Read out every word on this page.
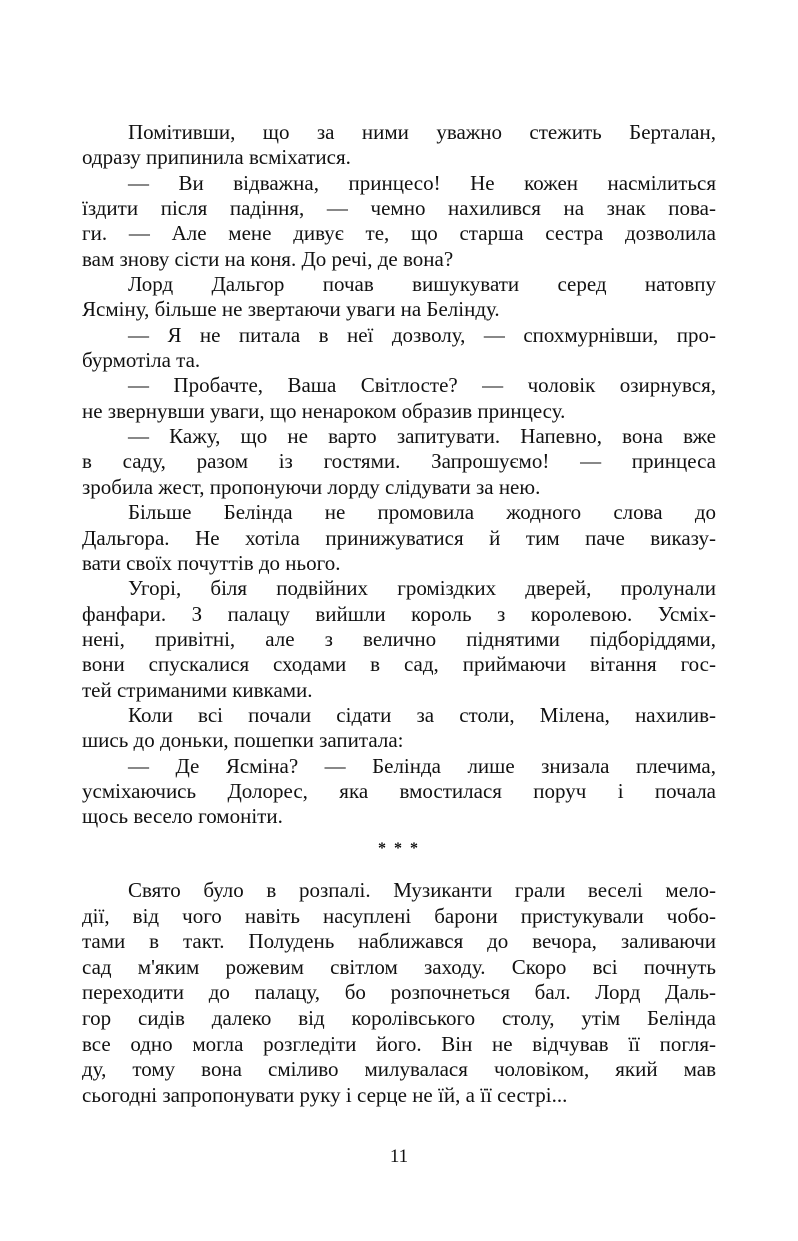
Помітивши, що за ними уважно стежить Берталан,
одразу припинила всміхатися.
— Ви відважна, принцесо! Не кожен насмілиться
їздити після падіння, — чемно нахилився на знак пова-
ги. — Але мене дивує те, що старша сестра дозволила
вам знову сісти на коня. До речі, де вона?
Лорд Дальгор почав вишукувати серед натовпу
Ясміну, більше не звертаючи уваги на Белінду.
— Я не питала в неї дозволу, — спохмурнівши, про-
бурмотіла та.
— Пробачте, Ваша Світлосте? — чоловік озирнувся,
не звернувши уваги, що ненароком образив принцесу.
— Кажу, що не варто запитувати. Напевно, вона вже
в саду, разом із гостями. Запрошуємо! — принцеса
зробила жест, пропонуючи лорду слідувати за нею.
Більше Белінда не промовила жодного слова до
Дальгора. Не хотіла принижуватися й тим паче виказу-
вати своїх почуттів до нього.
Угорі, біля подвійних громіздких дверей, пролунали
фанфари. З палацу вийшли король з королевою. Усміх-
нені, привітні, але з велично піднятими підборіддями,
вони спускалися сходами в сад, приймаючи вітання гос-
тей стриманими кивками.
Коли всі почали сідати за столи, Мілена, нахилив-
шись до доньки, пошепки запитала:
— Де Ясміна? — Белінда лише знизала плечима,
усміхаючись Долорес, яка вмостилася поруч і почала
щось весело гомоніти.
* * *
Свято було в розпалі. Музиканти грали веселі мело-
дії, від чого навіть насуплені барони пристукували чобо-
тами в такт. Полудень наближався до вечора, заливаючи
сад м'яким рожевим світлом заходу. Скоро всі почнуть
переходити до палацу, бо розпочнеться бал. Лорд Даль-
гор сидів далеко від королівського столу, утім Белінда
все одно могла розгледіти його. Він не відчував її погля-
ду, тому вона сміливо милувалася чоловіком, який мав
сьогодні запропонувати руку і серце не їй, а її сестрі...
11
